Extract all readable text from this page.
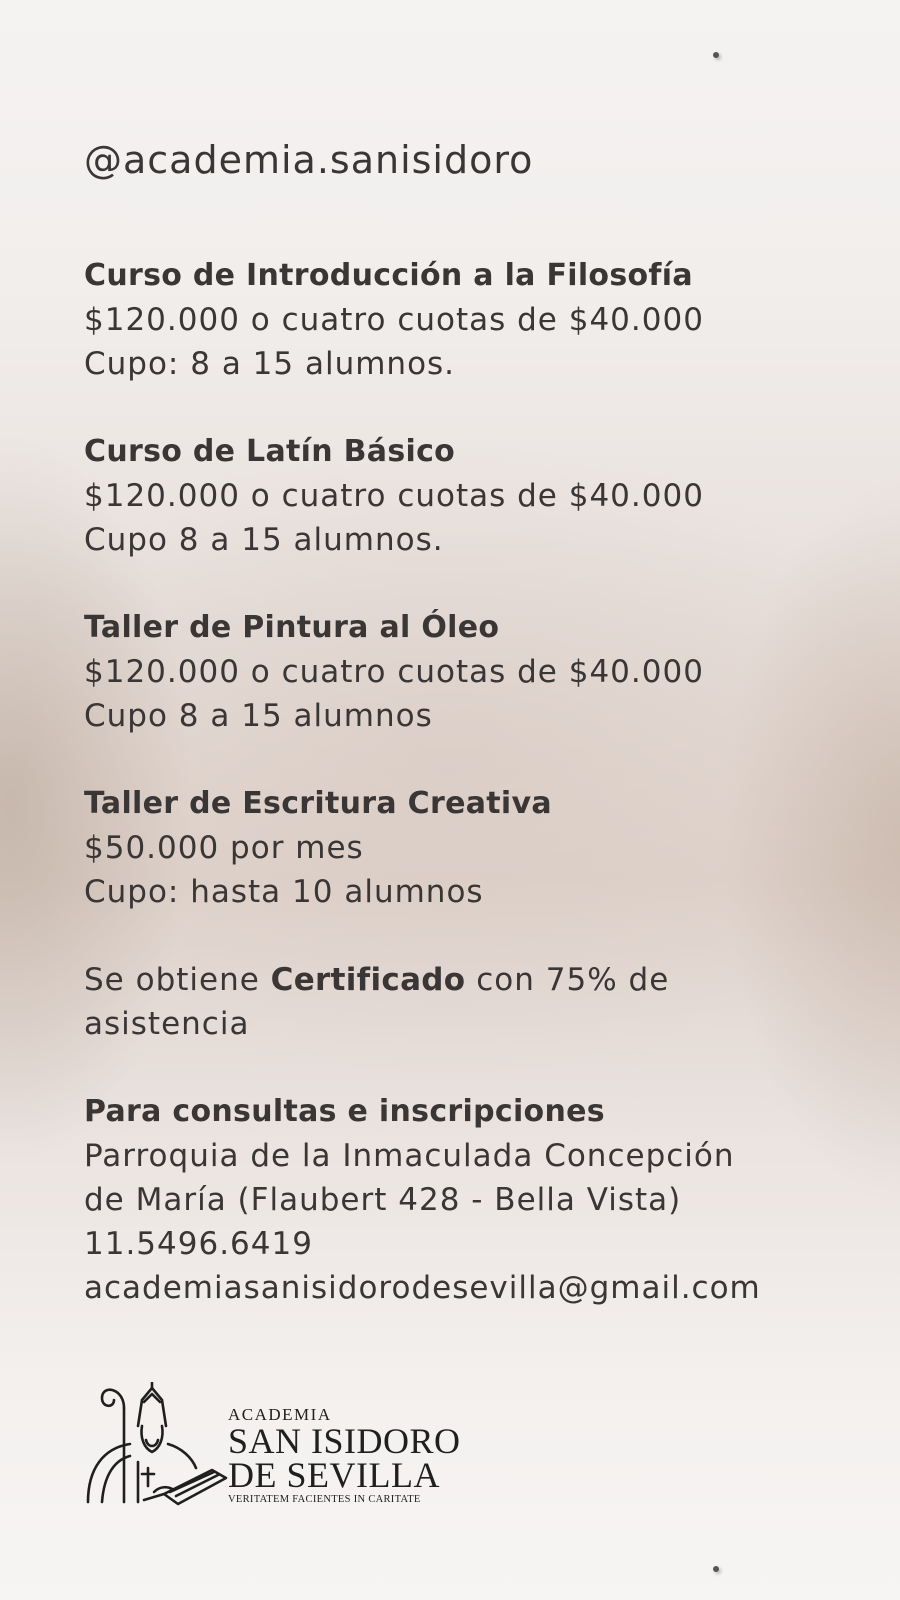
@academia.sanisidoro
Curso de Introducción a la Filosofía
$120.000 o cuatro cuotas de $40.000
Cupo: 8 a 15 alumnos.
Curso de Latín Básico
$120.000 o cuatro cuotas de $40.000
Cupo 8 a 15 alumnos.
Taller de Pintura al Óleo
$120.000 o cuatro cuotas de $40.000
Cupo 8 a 15 alumnos
Taller de Escritura Creativa
$50.000 por mes
Cupo: hasta 10 alumnos
Se obtiene Certificado con 75% de
asistencia
Para consultas e inscripciones
Parroquia de la Inmaculada Concepción
de María (Flaubert 428 - Bella Vista)
11.5496.6419
academiasanisidorodesevilla@gmail.com
ACADEMIA
SAN ISIDORO
DE SEVILLA
VERITATEM FACIENTES IN CARITATE
